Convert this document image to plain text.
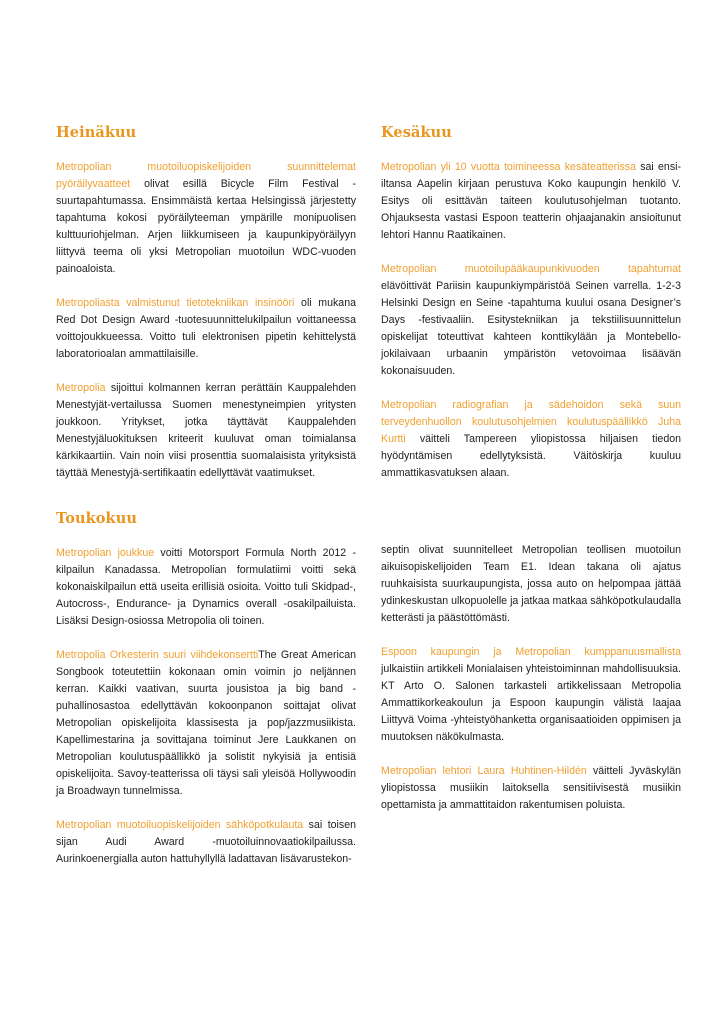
Heinäkuu

Metropolian muotoiluopiskelijoiden suunnittelemat pyöräilyvaatteet olivat esillä Bicycle Film Festival -suurtapahtumassa. Ensimmäistä kertaa Helsingissä järjestetty tapahtuma kokosi pyöräilyteeman ympärille monipuolisen kulttuuriohjelman. Arjen liikkumiseen ja kaupunkipyöräilyyn liittyvä teema oli yksi Metropolian muotoilun WDC-vuoden painoaloista.

Metropoliasta valmistunut tietotekniikan insinööri oli mukana Red Dot Design Award -tuotesuunnittelukilpailun voittaneessa voittojoukkueessa. Voitto tuli elektronisen pipetin kehittelystä laboratorioalan ammattilaisille.

Metropolia sijoittui kolmannen kerran perättäin Kauppalehden Menestyjät-vertailussa Suomen menestyneimpien yritysten joukkoon. Yritykset, jotka täyttävät Kauppalehden Menestyjäluokituksen kriteerit kuuluvat oman toimialansa kärkikaartiin. Vain noin viisi prosenttia suomalaisista yrityksistä täyttää Menestyjä-sertifikaatin edellyttävät vaatimukset.

Kesäkuu

Metropolian yli 10 vuotta toimineessa kesäteatterissa sai ensi-iltansa Aapelin kirjaan perustuva Koko kaupungin henkilö V. Esitys oli esittävän taiteen koulutusohjelman tuotanto. Ohjauksesta vastasi Espoon teatterin ohjaajanakin ansioitunut lehtori Hannu Raatikainen.

Metropolian muotoilupääkaupunkivuoden tapahtumat elävöittivät Pariisin kaupunkiympäristöä Seinen varrella. 1-2-3 Helsinki Design en Seine -tapahtuma kuului osana Designer’s Days -festivaaliin. Esitystekniikan ja tekstiilisuunnittelun opiskelijat toteuttivat kahteen konttikylään ja Montebello-jokilaivaan urbaanin ympäristön vetovoimaa lisäävän kokonaisuuden.

Metropolian radiografian ja sädehoidon sekä suun terveydenhuollon koulutusohjelmien koulutuspäällikkö Juha Kurtti väitteli Tampereen yliopistossa hiljaisen tiedon hyödyntämisen edellytyksistä. Väitöskirja kuuluu ammattikasvatuksen alaan.

Toukokuu

Metropolian joukkue voitti Motorsport Formula North 2012 -kilpailun Kanadassa. Metropolian formulatiimi voitti sekä kokonaiskilpailun että useita erillisiä osioita. Voitto tuli Skidpad-, Autocross-, Endurance- ja Dynamics overall -osakilpailuista. Lisäksi Design-osiossa Metropolia oli toinen.

Metropolia Orkesterin suuri viihdekonserttiThe Great American Songbook toteutettiin kokonaan omin voimin jo neljännen kerran. Kaikki vaativan, suurta jousistoa ja big band -puhallinosastoa edellyttävän kokoonpanon soittajat olivat Metropolian opiskelijoita klassisesta ja pop/jazzmusiikista. Kapellimestarina ja sovittajana toiminut Jere Laukkanen on Metropolian koulutuspäällikkö ja solistit nykyisiä ja entisiä opiskelijoita. Savoy-teatterissa oli täysi sali yleisöä Hollywoodin ja Broadwayn tunnelmissa.

Metropolian muotoiluopiskelijoiden sähköpotkulauta sai toisen sijan Audi Award -muotoiluinnovaatiokilpailussa. Aurinkoenergialla auton hattuhyllyllä ladattavan lisävarustekon-

septin olivat suunnitelleet Metropolian teollisen muotoilun aikuisopiskelijoiden Team E1. Idean takana oli ajatus ruuhkaisista suurkaupungista, jossa auto on helpompaa jättää ydinkeskustan ulkopuolelle ja jatkaa matkaa sähköpotkulaudalla ketterästi ja päästöttömästi.

Espoon kaupungin ja Metropolian kumppanuusmallista julkaistiin artikkeli Monialaisen yhteistoiminnan mahdollisuuksia. KT Arto O. Salonen tarkasteli artikkelissaan Metropolia Ammattikorkeakoulun ja Espoon kaupungin välistä laajaa Liittyvä Voima -yhteistyöhanketta organisaatioiden oppimisen ja muutoksen näkökulmasta.

Metropolian lehtori Laura Huhtinen-Hildén väitteli Jyväskylän yliopistossa musiikin laitoksella sensitiivisestä musiikin opettamista ja ammattitaidon rakentumisen poluista.
